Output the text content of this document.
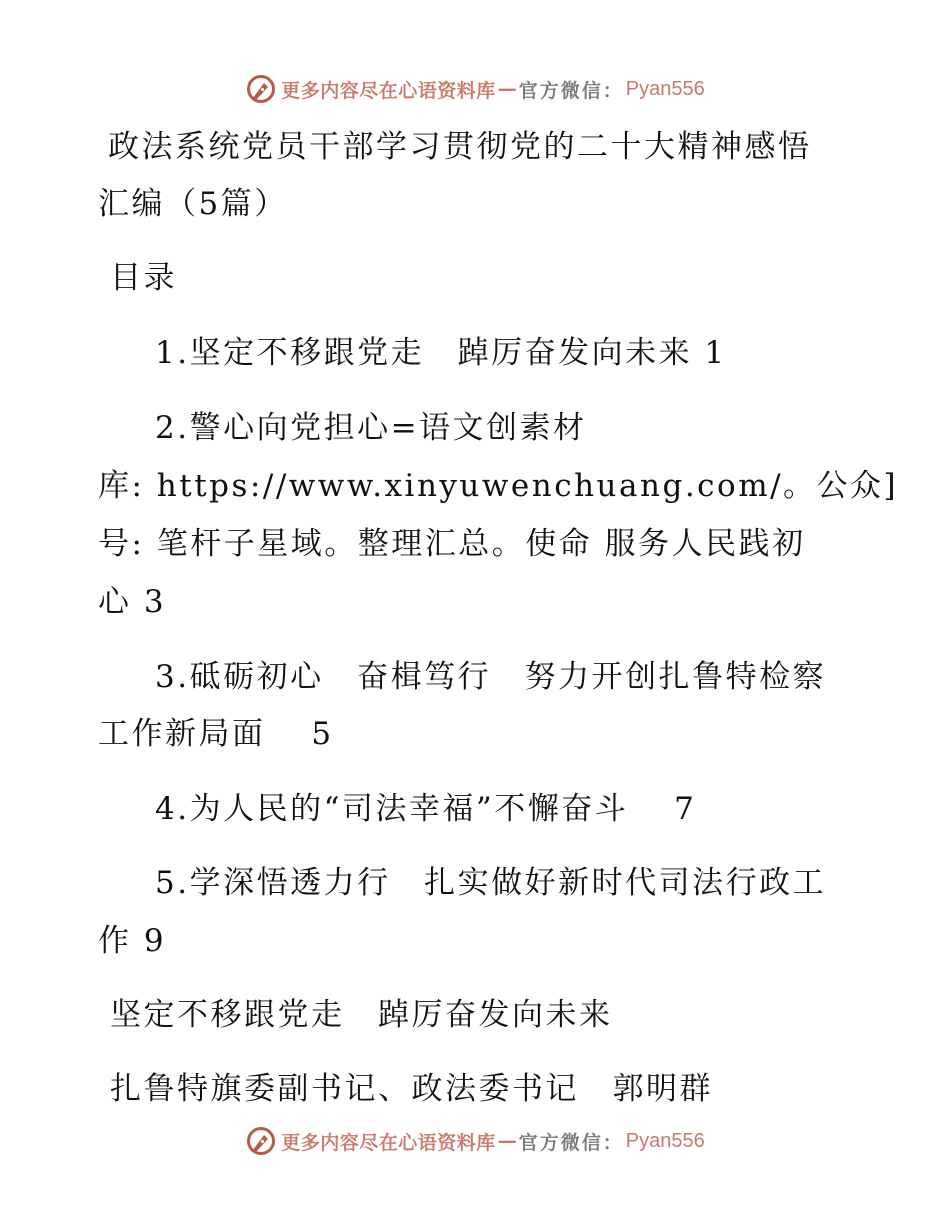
更多内容尽在心语资料库 — 官方微信： Pyan556
政法系统党员干部学习贯彻党的二十大精神感悟
汇编（5篇）
目录
1.坚定不移跟党走　踔厉奋发向未来 1
2.警心向党担心=语文创素材
库: https://www.xinyuwenchuang.com/。公众]
号: 笔杆子星域。整理汇总。使命 服务人民践初
心 3
3.砥砺初心　奋楫笃行　努力开创扎鲁特检察
工作新局面　 5
4.为人民的“司法幸福”不懈奋斗　 7
5.学深悟透力行　扎实做好新时代司法行政工
作 9
坚定不移跟党走　踔厉奋发向未来
扎鲁特旗委副书记、政法委书记　郭明群
更多内容尽在心语资料库 — 官方微信： Pyan556
